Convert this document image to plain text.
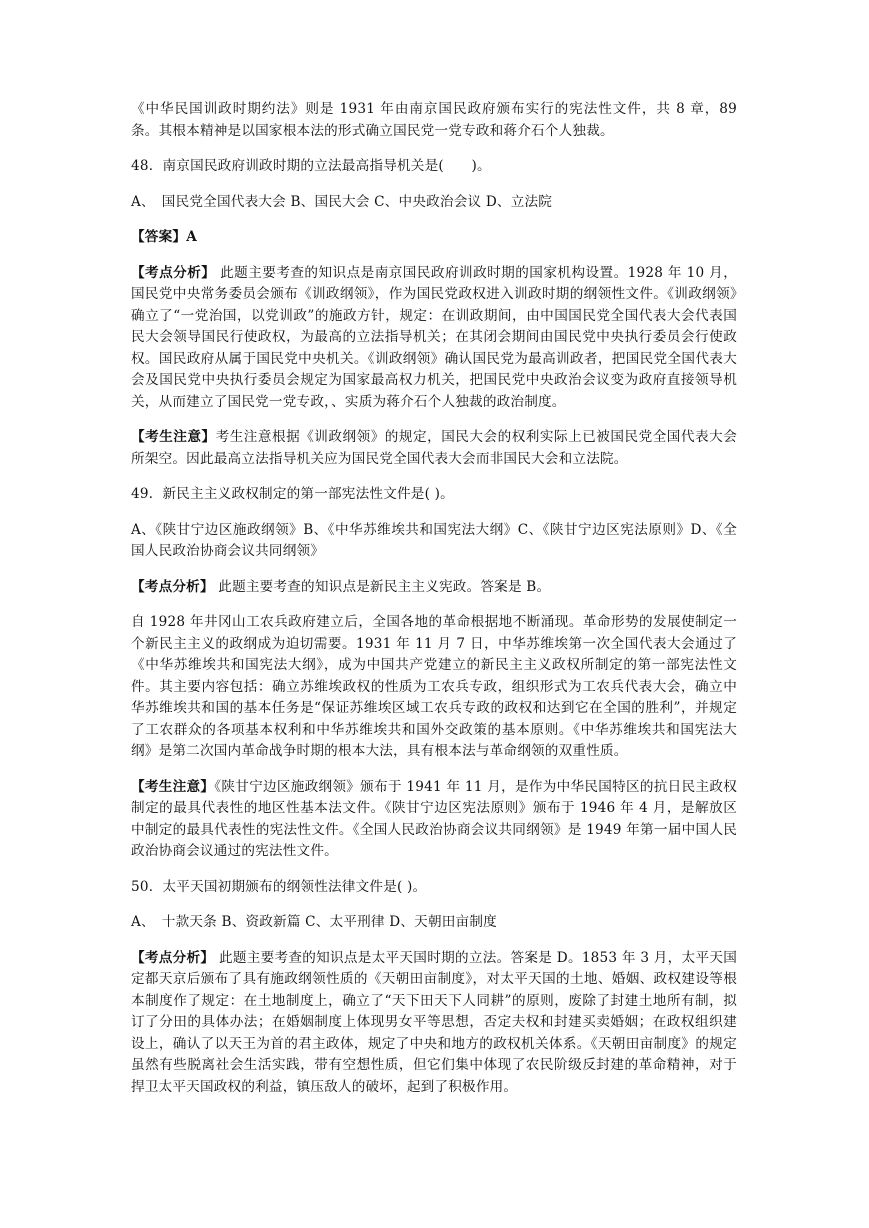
《中华民国训政时期约法》则是 1931 年由南京国民政府颁布实行的宪法性文件，共 8 章，89 条。其根本精神是以国家根本法的形式确立国民党一党专政和蒋介石个人独裁。

48．南京国民政府训政时期的立法最高指导机关是(　　)。

A、　国民党全国代表大会 B、国民大会 C、中央政治会议 D、立法院

【答案】A

【考点分析】 此题主要考查的知识点是南京国民政府训政时期的国家机构设置。1928 年 10 月，国民党中央常务委员会颁布《训政纲领》，作为国民党政权进入训政时期的纲领性文件。《训政纲领》确立了“一党治国，以党训政”的施政方针，规定：在训政期间，由中国国民党全国代表大会代表国民大会领导国民行使政权，为最高的立法指导机关；在其闭会期间由国民党中央执行委员会行使政权。国民政府从属于国民党中央机关。《训政纲领》确认国民党为最高训政者，把国民党全国代表大会及国民党中央执行委员会规定为国家最高权力机关，把国民党中央政治会议变为政府直接领导机关，从而建立了国民党一党专政，、实质为蒋介石个人独裁的政治制度。

【考生注意】考生注意根据《训政纲领》的规定，国民大会的权利实际上已被国民党全国代表大会所架空。因此最高立法指导机关应为国民党全国代表大会而非国民大会和立法院。

49．新民主主义政权制定的第一部宪法性文件是( )。

A、《陕甘宁边区施政纲领》B、《中华苏维埃共和国宪法大纲》C、《陕甘宁边区宪法原则》D、《全国人民政治协商会议共同纲领》

【考点分析】 此题主要考查的知识点是新民主主义宪政。答案是 B。

自 1928 年井冈山工农兵政府建立后，全国各地的革命根据地不断涌现。革命形势的发展使制定一个新民主主义的政纲成为迫切需要。1931 年 11 月 7 日，中华苏维埃第一次全国代表大会通过了《中华苏维埃共和国宪法大纲》，成为中国共产党建立的新民主主义政权所制定的第一部宪法性文件。其主要内容包括：确立苏维埃政权的性质为工农兵专政，组织形式为工农兵代表大会，确立中华苏维埃共和国的基本任务是“保证苏维埃区域工农兵专政的政权和达到它在全国的胜利”，并规定了工农群众的各项基本权利和中华苏维埃共和国外交政策的基本原则。《中华苏维埃共和国宪法大纲》是第二次国内革命战争时期的根本大法，具有根本法与革命纲领的双重性质。

【考生注意】《陕甘宁边区施政纲领》颁布于 1941 年 11 月，是作为中华民国特区的抗日民主政权制定的最具代表性的地区性基本法文件。《陕甘宁边区宪法原则》颁布于 1946 年 4 月，是解放区中制定的最具代表性的宪法性文件。《全国人民政治协商会议共同纲领》是 1949 年第一届中国人民政治协商会议通过的宪法性文件。

50．太平天国初期颁布的纲领性法律文件是( )。

A、　十款天条 B、资政新篇 C、太平刑律 D、天朝田亩制度

【考点分析】 此题主要考查的知识点是太平天国时期的立法。答案是 D。1853 年 3 月，太平天国定都天京后颁布了具有施政纲领性质的《天朝田亩制度》，对太平天国的土地、婚姻、政权建设等根本制度作了规定：在土地制度上，确立了“天下田天下人同耕”的原则，废除了封建土地所有制，拟订了分田的具体办法；在婚姻制度上体现男女平等思想，否定夫权和封建买卖婚姻；在政权组织建设上，确认了以天王为首的君主政体，规定了中央和地方的政权机关体系。《天朝田亩制度》的规定虽然有些脱离社会生活实践，带有空想性质，但它们集中体现了农民阶级反封建的革命精神，对于捍卫太平天国政权的利益，镇压敌人的破坏，起到了积极作用。
